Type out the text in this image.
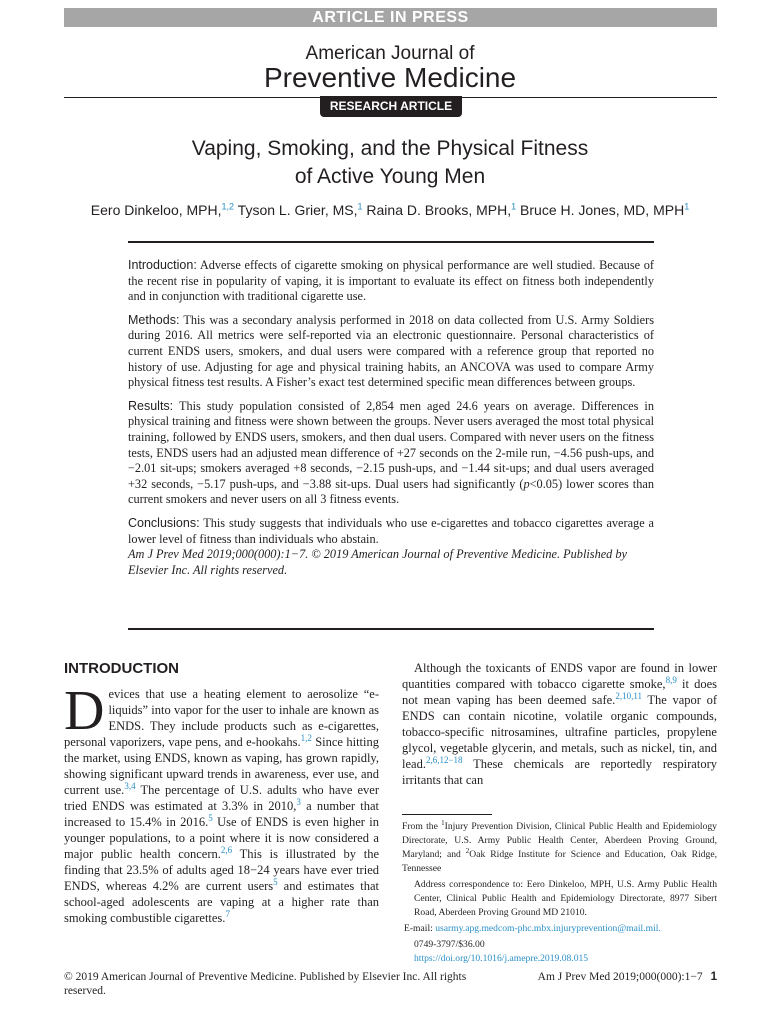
ARTICLE IN PRESS
American Journal of
Preventive Medicine
RESEARCH ARTICLE
Vaping, Smoking, and the Physical Fitness
of Active Young Men
Eero Dinkeloo, MPH,$^{1,2}$ Tyson L. Grier, MS,$^1$ Raina D. Brooks, MPH,$^1$ Bruce H. Jones, MD, MPH$^1$

Introduction: Adverse effects of cigarette smoking on physical performance are well studied. Because of the recent rise in popularity of vaping, it is important to evaluate its effect on fitness both independently and in conjunction with traditional cigarette use.

Methods: This was a secondary analysis performed in 2018 on data collected from U.S. Army Soldiers during 2016. All metrics were self-reported via an electronic questionnaire. Personal characteristics of current ENDS users, smokers, and dual users were compared with a reference group that reported no history of use. Adjusting for age and physical training habits, an ANCOVA was used to compare Army physical fitness test results. A Fisher’s exact test determined specific mean differences between groups.

Results: This study population consisted of 2,854 men aged 24.6 years on average. Differences in physical training and fitness were shown between the groups. Never users averaged the most total physical training, followed by ENDS users, smokers, and then dual users. Compared with never users on the fitness tests, ENDS users had an adjusted mean difference of +27 seconds on the 2-mile run, −4.56 push-ups, and −2.01 sit-ups; smokers averaged +8 seconds, −2.15 push-ups, and −1.44 sit-ups; and dual users averaged +32 seconds, −5.17 push-ups, and −3.88 sit-ups. Dual users had significantly (p<0.05) lower scores than current smokers and never users on all 3 fitness events.

Conclusions: This study suggests that individuals who use e-cigarettes and tobacco cigarettes average a lower level of fitness than individuals who abstain.

Am J Prev Med 2019;000(000):1−7. © 2019 American Journal of Preventive Medicine. Published by Elsevier Inc. All rights reserved.

INTRODUCTION
Devices that use a heating element to aerosolize “e-liquids” into vapor for the user to inhale are known as ENDS. They include products such as e-cigarettes, personal vaporizers, vape pens, and e-hookahs.$^{1,2}$ Since hitting the market, using ENDS, known as vaping, has grown rapidly, showing significant upward trends in awareness, ever use, and current use.$^{3,4}$ The percentage of U.S. adults who have ever tried ENDS was estimated at 3.3% in 2010,$^3$ a number that increased to 15.4% in 2016.$^5$ Use of ENDS is even higher in younger populations, to a point where it is now considered a major public health concern.$^{2,6}$ This is illustrated by the finding that 23.5% of adults aged 18−24 years have ever tried ENDS, whereas 4.2% are current users$^5$ and estimates that school-aged adolescents are vaping at a higher rate than smoking combustible cigarettes.$^7$
Although the toxicants of ENDS vapor are found in lower quantities compared with tobacco cigarette smoke,$^{8,9}$ it does not mean vaping has been deemed safe.$^{2,10,11}$ The vapor of ENDS can contain nicotine, volatile organic compounds, tobacco-specific nitrosamines, ultrafine particles, propylene glycol, vegetable glycerin, and metals, such as nickel, tin, and lead.$^{2,6,12-18}$ These chemicals are reportedly respiratory irritants that can

From the $^1$Injury Prevention Division, Clinical Public Health and Epidemiology Directorate, U.S. Army Public Health Center, Aberdeen Proving Ground, Maryland; and $^2$Oak Ridge Institute for Science and Education, Oak Ridge, Tennessee

Address correspondence to: Eero Dinkeloo, MPH, U.S. Army Public Health Center, Clinical Public Health and Epidemiology Directorate, 8977 Sibert Road, Aberdeen Proving Ground MD 21010.

E-mail: usarmy.apg.medcom-phc.mbx.injuryprevention@mail.mil.

0749-3797/$36.00

https://doi.org/10.1016/j.amepre.2019.08.015

© 2019 American Journal of Preventive Medicine. Published by Elsevier Inc. All rights reserved.
Am J Prev Med 2019;000(000):1−7 1
